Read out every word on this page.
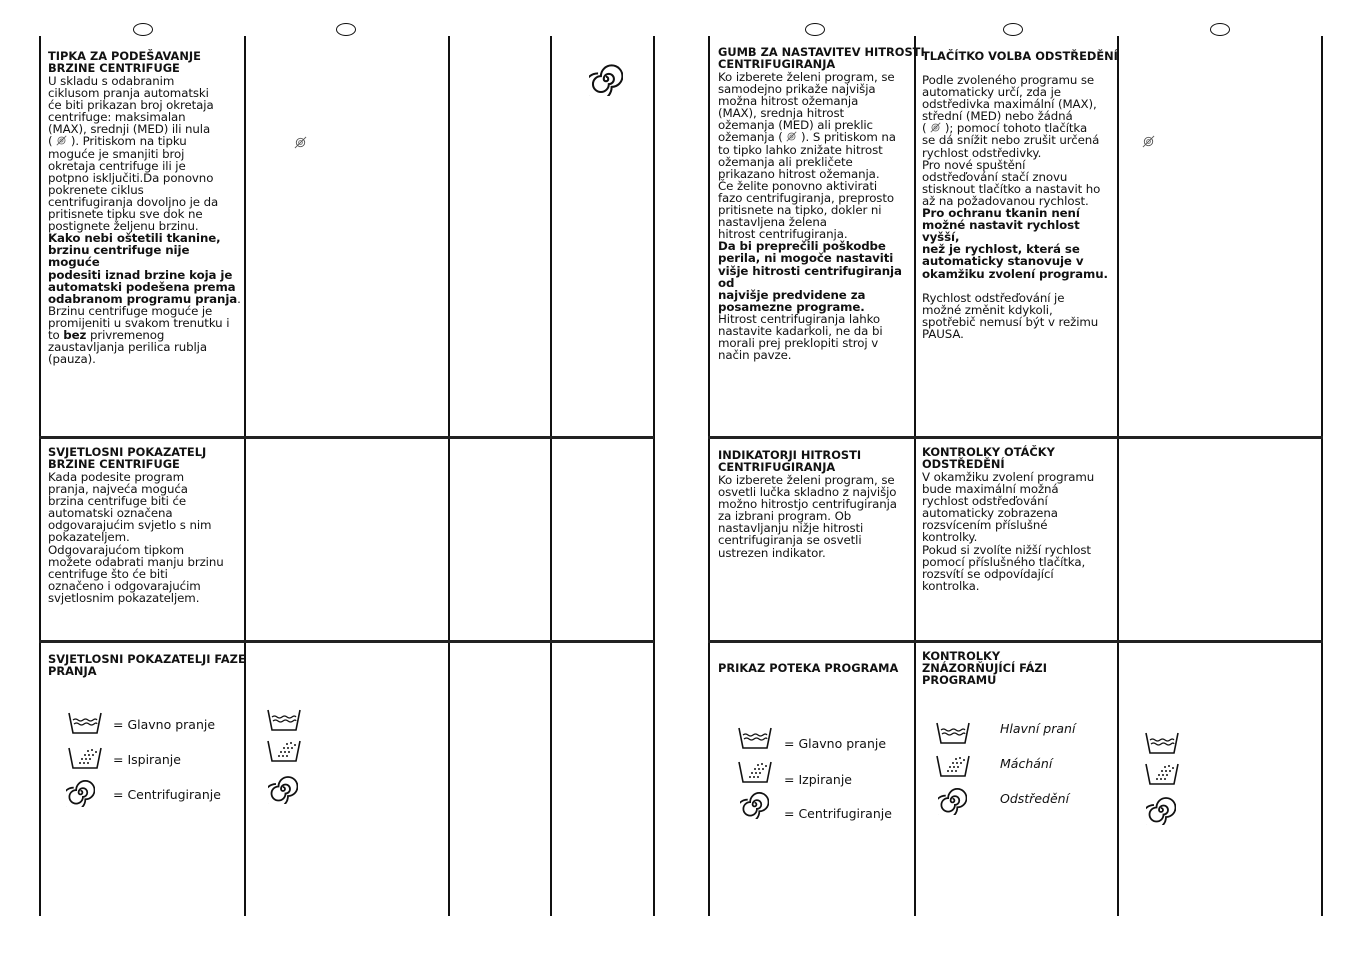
TIPKA ZA PODEŠAVANJE
BRZINE CENTRIFUGE
U skladu s odabranim
ciklusom pranja automatski
će biti prikazan broj okretaja
centrifuge: maksimalan
(MAX), srednji (MED) ili nula
( ). Pritiskom na tipku
moguće je smanjiti broj
okretaja centrifuge ili je
potpno isključiti.Da ponovno
pokrenete ciklus
centrifugiranja dovoljno je da
pritisnete tipku sve dok ne
postignete željenu brzinu.
Kako nebi oštetili tkanine,
brzinu centrifuge nije moguće
podesiti iznad brzine koja je
automatski podešena prema
odabranom programu pranja.
Brzinu centrifuge moguće je
promijeniti u svakom trenutku i
to bez privremenog
zaustavljanja perilica rublja
(pauza).
SVJETLOSNI POKAZATELJ
BRZINE CENTRIFUGE
Kada podesite program
pranja, najveća moguća
brzina centrifuge biti će
automatski označena
odgovarajućim svjetlo s nim
pokazateljem.
Odgovarajućom tipkom
možete odabrati manju brzinu
centrifuge što će biti
označeno i odgovarajućim
svjetlosnim pokazateljem.
SVJETLOSNI POKAZATELJI FAZE
PRANJA
= Glavno pranje
= Ispiranje
= Centrifugiranje
GUMB ZA NASTAVITEV HITROSTI
CENTRIFUGIRANJA
Ko izberete želeni program, se
samodejno prikaže najvišja
možna hitrost ožemanja
(MAX), srednja hitrost
ožemanja (MED) ali preklic
ožemanja ( ). S pritiskom na
to tipko lahko znižate hitrost
ožemanja ali prekličete
prikazano hitrost ožemanja.
Če želite ponovno aktivirati
fazo centrifugiranja, preprosto
pritisnete na tipko, dokler ni
nastavljena želena
hitrost centrifugiranja.
Da bi preprečili poškodbe
perila, ni mogoče nastaviti
višje hitrosti centrifugiranja od
najvišje predvidene za
posamezne programe.
Hitrost centrifugiranja lahko
nastavite kadarkoli, ne da bi
morali prej preklopiti stroj v
način pavze.
TLAČÍTKO VOLBA ODSTŘEDĚNÍ
Podle zvoleného programu se
automaticky určí, zda je
odstředivka maximální (MAX),
střední (MED) nebo žádná
( ); pomocí tohoto tlačítka
se dá snížit nebo zrušit určená
rychlost odstředivky.
Pro nové spuštění
odstřeďování stačí znovu
stisknout tlačítko a nastavit ho
až na požadovanou rychlost.
Pro ochranu tkanin není
možné nastavit rychlost vyšší,
než je rychlost, která se
automaticky stanovuje v
okamžiku zvolení programu.

Rychlost odstřeďování je
možné změnit kdykoli,
spotřebič nemusí být v režimu
PAUSA.
INDIKATORJI HITROSTI
CENTRIFUGIRANJA
Ko izberete želeni program, se
osvetli lučka skladno z najvišjo
možno hitrostjo centrifugiranja
za izbrani program. Ob
nastavljanju nižje hitrosti
centrifugiranja se osvetli
ustrezen indikator.
KONTROLKY OTÁČKY
ODSTŘEDĚNÍ
V okamžiku zvolení programu
bude maximální možná
rychlost odstřeďování
automaticky zobrazena
rozsvícením příslušné
kontrolky.
Pokud si zvolíte nižší rychlost
pomocí příslušného tlačítka,
rozsvítí se odpovídající
kontrolka.
PRIKAZ POTEKA PROGRAMA
= Glavno pranje
= Izpiranje
= Centrifugiranje
KONTROLKY
ZNÁZORŇUJÍCÍ FÁZI
PROGRAMU
Hlavní praní
Máchání
Odstředění
